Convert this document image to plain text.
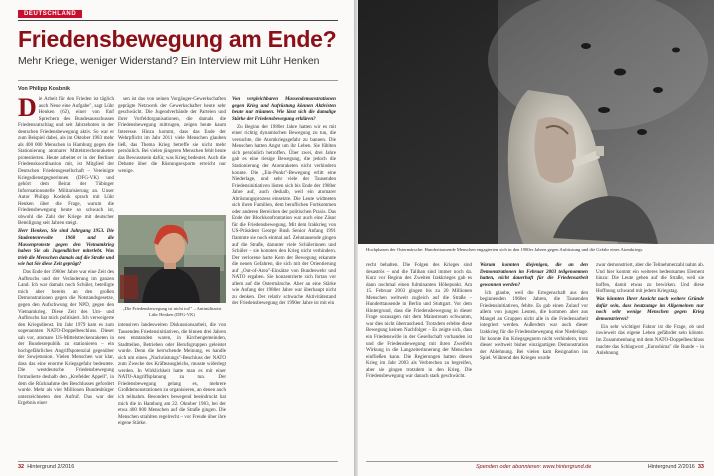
DEUTSCHLAND
Friedensbewegung am Ende?
Mehr Kriege, weniger Widerstand? Ein Interview mit Lühr Henken
Von Philipp Kosbnik

Die Arbeit für den Frieden ist täglich auch Neue eine Aufgabe", sagt Lühr Henken (62), einer von fünf Sprechern des Bundesausschusses Friedensratschlag und seit Jahrzehnten in der deutschen Friedensbewegung aktiv. So war er zum Beispiel dabei, als im Oktober 1983 mehr als 400 000 Menschen in Hamburg gegen die Stationierung atomarer Mittelstreckenraketen protestierten. Heute arbeitet er in der Berliner Friedenskoordination mit, ist Mitglied der Deutschen Friedensgesellschaft – Vereinigte Kriegsdienstgegnerinnen (DFG-VK) und gehört dem Beirat der Tübinger Informationsstelle Militarisierung an. Unser Autor Philipp Kosbnik sprach mit Lühr Henken über die Frage, warum die Friedensbewegung heute so schwach ist, obwohl die Zahl der Kriege mit deutscher Beteiligung seit Jahren steigt.

Herr Henken, Sie sind Jahrgang 1953. Die Studentenrevolte 1968 und die Massenproteste gegen den Vietnamkrieg haben Sie als Jugendlicher miterlebt. Was trieb die Menschen damals auf die Straße und wie hat Sie diese Zeit geprägt?

Das Ende der 1960er Jahre war eine Zeit des Aufbruchs und der Veränderung im ganzen Land. Ich war damals noch Schüler, beteiligte mich aber bereits an den großen Demonstrationen gegen die Notstandsgesetze, gegen den Aufschwung der NPD, gegen den Vietnamkrieg. Diese Zeit des Um- und Aufbruchs hat mich politisiert. Ich verweigerte den Kriegsdienst. Im Jahr 1979 kam es zum sogenannten NATO-Doppelbeschluss. Dieser sah vor, atomare US-Mittelstreckenraketen in der Bundesrepublik zu stationieren – ein hochgefährliches Angriffspotenzial gegenüber der Sowjetunion. Vielen Menschen war klar, dass das eine enorme Kriegsgefahr bedeutete. Die westdeutsche Friedensbewegung formulierte deshalb den „Krefelder Appell", in dem die Rücknahme des Beschlusses gefordert wurde. Mehr als vier Millionen Bundesbürger unterzeichneten den Aufruf. Das war der Ergebnis einer

Von vergleichbaren Massendemonstrationen gegen Krieg und Aufrüstung können Aktivisten heute nur träumen. Wie lässt sich die damalige Stärke der Friedensbewegung erklären?

Zu Beginn der 1980er Jahre hatten wir es mit einer richtig dynamischen Bewegung zu tun, die versuchte, die Atomkriegsgefahr zu bannen. Die Menschen hatten Angst um ihr Leben. Sie fühlten sich persönlich betroffen. Über zwei, drei Jahre gab es eine riesige Bewegung, die jedoch die Stationierung der Atomraketen nicht verhindern konnte. Die „Ein-Punkt"-Bewegung erlitt eine Niederlage, und sehr viele der Tausenden Friedensinitiativen lösten sich bis Ende der 1980er Jahre auf, auch deshalb, weil ein atomarer Abrüstungsprozess einsetzte. Die Leute widmeten sich ihren Familien, dem beruflichen Fortkommen oder anderen Bereichen der politischen Praxis. Das Ende der Blockkonfrontation war auch eine Zäsur für die Friedensbewegung. Mit dem Irakkrieg von US-Präsident George Bush Senior Anfang 1991 flammte sie noch einmal auf. Zehntausende gingen auf die Straße, darunter viele Schülerinnen und Schüler – sie konnten den Krieg nicht verhindern. Der verlorene harte Kern der Bewegung erkannte die neuen Gefahren, die sich mit der Orientierung auf „Out-of-Area"-Einsätze von Bundeswehr und NATO ergaben. Sie konzentrierte sich fortan vor allem auf die Ostermärsche. Aber an eine Stärke wie Anfang der 1980er Jahre war überhaupt nicht zu denken. Der relativ schwache Aktivitätsstand der Friedensbewegung der 1990er Jahre ist mit ein

sen ist das von seinen Vorgänger-Gewerkschaften geprägte Netzwerk der Gewerkschafter heute sehr geschwächt. Die Jugendverbände der Parteien und ihrer Vorfeldorganisationen, die damals die Friedensbewegung mittrugen, zeigen heute kaum Interesse. Hinzu kommt, dass das Ende der Wehrpflicht im Jahr 2011 viele Menschen glauben ließ, das Thema Krieg betreffe sie nicht mehr persönlich. Bei vielen jüngeren Menschen fehlt heute das Bewusstsein dafür, was Krieg bedeutet. Auch die Debatte über die Rüstungsexporte erreicht nur wenige.

„Die Friedensbewegung ist nicht tot!" – Antimilitarist Lühr Henken (DFG-VK)

intensiven landesweiten Diskussionsarbeit, die von Tausenden Friedensinitiativen, die binnen drei Jahren neu entstanden waren, in Kirchengemeinden, Stadtteilen, Betrieben oder Berufsgruppen geleistet wurde. Denn die herrschende Meinung, es handle sich um einen „Nachrüstungs"-Beschluss der NATO zum Zwecke des Kräfteausgleichs, musste widerlegt werden. In Wirklichkeit hatte man es mit einer NATO-Angriffsplanung zu tun. Der Friedensbewegung gelang es, mehrere Großdemonstrationen zu organisieren, an denen auch ich teilnahm. Besonders bewegend beeindruckt hat mich die in Hamburg am 22. Oktober 1983, bei der etwa 400 000 Menschen auf die Straße gingen. Die Menschen strahlten regelrecht – vor Freude über ihre eigene Stärke.

32 Hintergrund 2/2016
Hochphasen der Ostermärsche: Hunderttausende Menschen engagierten sich in den 1980er Jahren gegen Aufrüstung und die Gefahr eines Atomkriegs.

recht behalten. Die Folgen des Krieges sind desaströs – und die Taliban sind immer noch da. Kurz vor Beginn des Zweiten Irakkrieges gab es dann nochmal einen fulminanten Höhepunkt. Am 15. Februar 2003 gingen bis zu 20 Millionen Menschen weltweit zugleich auf die Straße – Hunderttausende in Berlin und Stuttgart. Vor dem Hintergrund, dass die Friedensbewegung in dieser Frage sozusagen mit dem Mainstream schwamm, war dies nicht überraschend. Trotzdem erlebte diese Bewegung keinen Nachfolger – Es zeigte sich, dass ein Friedenswille in der Gesellschaft vorhanden ist und die Friedensbewegung mit ihren Zweifeln Wirkung in die Langzeiterinnerung der Menschen einfließen kann. Die Regierungen hatten diesen Krieg im Jahr 2003 als Verbrechen zu begreifen, aber sie gingen trotzdem in den Krieg. Die Friedensbewegung war danach stark geschwächt.

Warum konnten diejenigen, die an den Demonstrationen im Februar 2003 teilgenommen hatten, nicht dauerhaft für die Friedensarbeit gewonnen werden?

Ich glaube, weil die Erregenschaft aus den beginnenden 1960er Jahren, die Tausenden Friedensinitiativen, fehlte. Es gab einen Zulauf vor allem von jungen Leuten, die kommen aber aus Mangel an Gruppen nicht alle in die Friedensarbeit integriert werden. Außerdem war auch dieser Irakkrieg für die Friedensbewegung eine Niederlage. Ihr konnte ihn Kriegsgegnern nicht verhindern, trotz dieser weltweit bisher einzigartigen Demonstration der Ablehnung. Bei vielen kam Resignation ins Spiel. Während des Krieges wurde

zwar demonstriert, aber die Teilnehmerzahl nahm ab. Und hier kommt ein weiteres bedeutsames Element hinzu: Die Leute gehen auf die Straße, weil sie hoffen, damit etwas zu bewirken. Und diese Hoffnung schwand mit jedem Kriegstag.

Was könnten Ihrer Ansicht nach weitere Gründe dafür sein, dass heutzutage im Allgemeinen nur noch sehr wenige Menschen gegen Krieg demonstrieren?

Ein sehr wichtiger Faktor ist die Frage, ob und inwieweit das eigene Leben gefährdet sein könnte. Im Zusammenhang mit dem NATO-Doppelbeschluss machte das Schlagwort „Euroshima" die Runde – in Anlehnung

Spenden oder abonnieren: www.hintergrund.de	Hintergrund 2/2016 33
